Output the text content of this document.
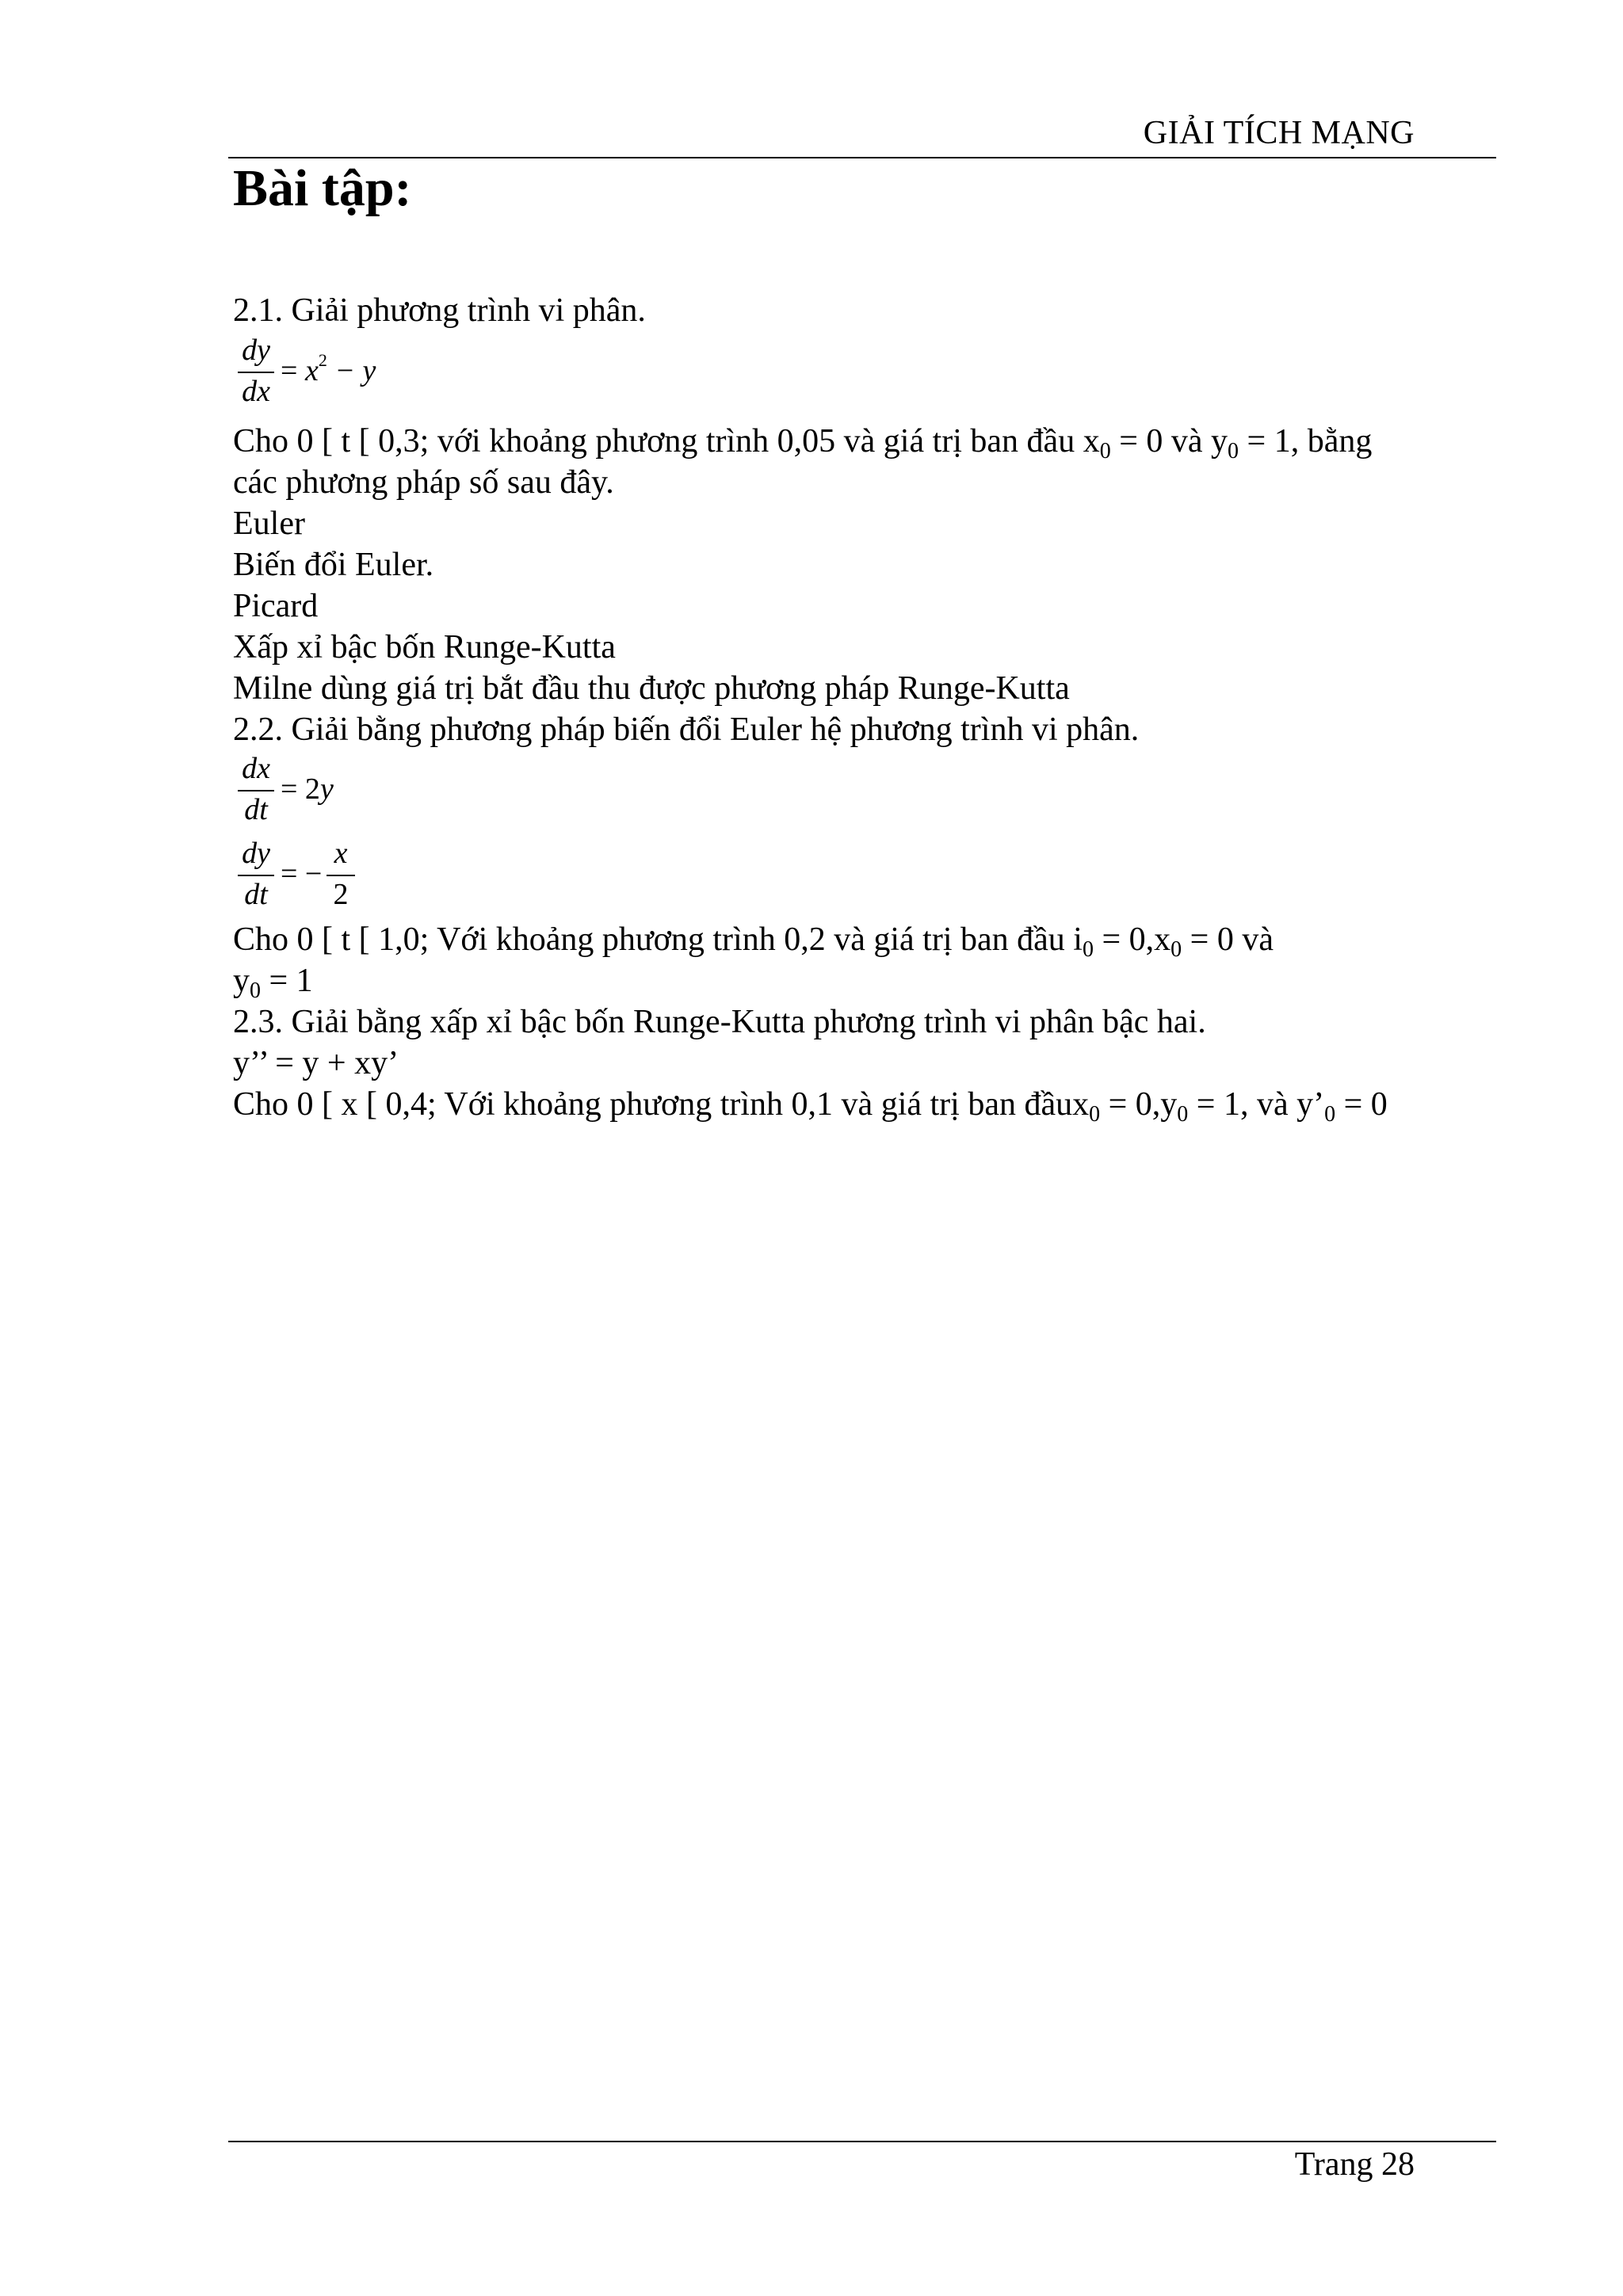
GIẢI TÍCH MẠNG
Bài tập:
2.1. Giải phương trình vi phân.
dy
dx
= $x^2 - y$
Cho 0 [ t [ 0,3; với khoảng phương trình 0,05 và giá trị ban đầu $x_0 = 0$ và $y_0 = 1$, bằng
các phương pháp số sau đây.
Euler
Biến đổi Euler.
Picard
Xấp xỉ bậc bốn Runge-Kutta
Milne dùng giá trị bắt đầu thu được phương pháp Runge-Kutta
2.2. Giải bằng phương pháp biến đổi Euler hệ phương trình vi phân.
dx
dt
= 2y
dy
dt
= −
x
2
Cho 0 [ t [ 1,0; Với khoảng phương trình 0,2 và giá trị ban đầu $i_0 = 0,x_0 = 0$ và
$y_0 = 1$
2.3. Giải bằng xấp xỉ bậc bốn Runge-Kutta phương trình vi phân bậc hai.
y’’ = y + xy’
Cho 0 [ x [ 0,4; Với khoảng phương trình 0,1 và giá trị ban đầux$_0$ = $0,y_0 = 1$, và $y’_0 = 0$
Trang 28
